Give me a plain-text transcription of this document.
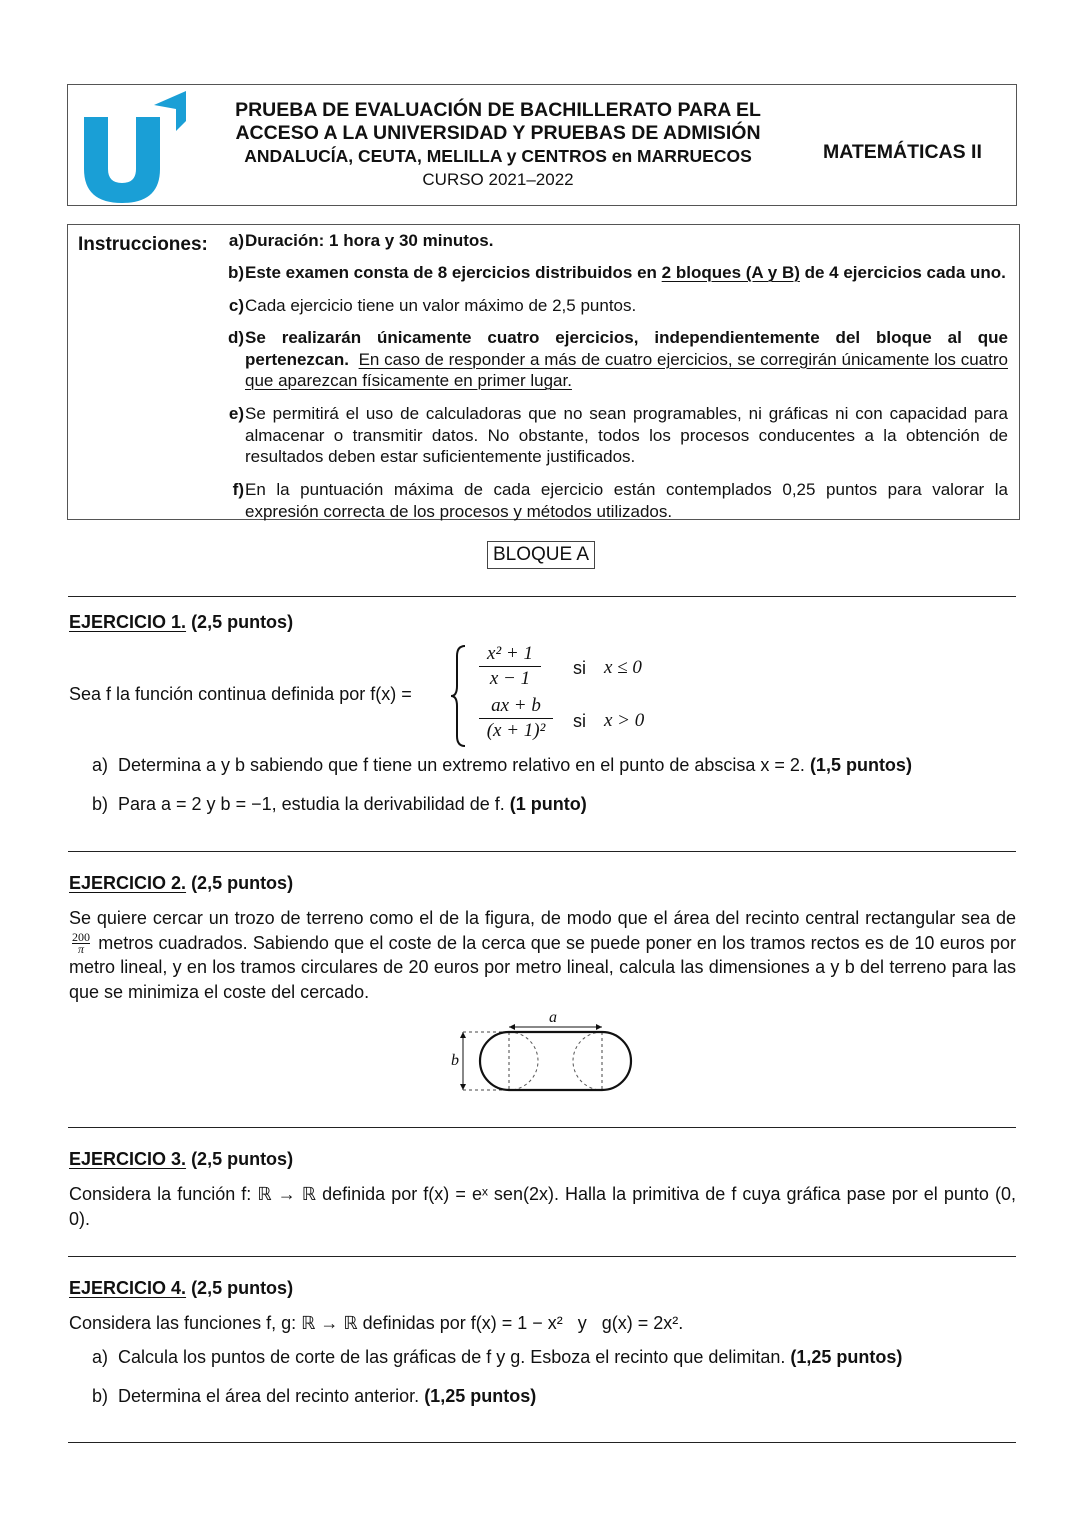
PRUEBA DE EVALUACIÓN DE BACHILLERATO PARA EL
ACCESO A LA UNIVERSIDAD Y PRUEBAS DE ADMISIÓN
ANDALUCÍA, CEUTA, MELILLA y CENTROS en MARRUECOS
CURSO 2021–2022
MATEMÁTICAS II
Instrucciones:	a) Duración: 1 hora y 30 minutos.
b) Este examen consta de 8 ejercicios distribuidos en 2 bloques (A y B) de 4 ejercicios cada uno.
c) Cada ejercicio tiene un valor máximo de 2,5 puntos.
d) Se realizarán únicamente cuatro ejercicios, independientemente del bloque al que pertenezcan. En caso de responder a más de cuatro ejercicios, se corregirán únicamente los cuatro que aparezcan físicamente en primer lugar.
e) Se permitirá el uso de calculadoras que no sean programables, ni gráficas ni con capacidad para almacenar o transmitir datos. No obstante, todos los procesos conducentes a la obtención de resultados deben estar suficientemente justificados.
f) En la puntuación máxima de cada ejercicio están contemplados 0,25 puntos para valorar la expresión correcta de los procesos y métodos utilizados.
BLOQUE A
EJERCICIO 1. (2,5 puntos)
Sea f la función continua definida por f(x) =
x² + 1
x − 1	si x ≤ 0
ax + b
(x + 1)²	si x > 0
a) Determina a y b sabiendo que f tiene un extremo relativo en el punto de abscisa x = 2. (1,5 puntos)
b) Para a = 2 y b = −1, estudia la derivabilidad de f. (1 punto)
EJERCICIO 2. (2,5 puntos)
Se quiere cercar un trozo de terreno como el de la figura, de modo que el área del recinto central rectangular sea de $\frac{200}{\pi}$ metros cuadrados. Sabiendo que el coste de la cerca que se puede poner en los tramos rectos es de 10 euros por metro lineal, y en los tramos circulares de 20 euros por metro lineal, calcula las dimensiones a y b del terreno para las que se minimiza el coste del cercado.
a
b
EJERCICIO 3. (2,5 puntos)
Considera la función f: ℝ → ℝ definida por f(x) = eˣ sen(2x). Halla la primitiva de f cuya gráfica pase por el punto (0, 0).
EJERCICIO 4. (2,5 puntos)
Considera las funciones f, g: ℝ → ℝ definidas por f(x) = 1 − x²   y   g(x) = 2x².
a) Calcula los puntos de corte de las gráficas de f y g. Esboza el recinto que delimitan. (1,25 puntos)
b) Determina el área del recinto anterior. (1,25 puntos)
